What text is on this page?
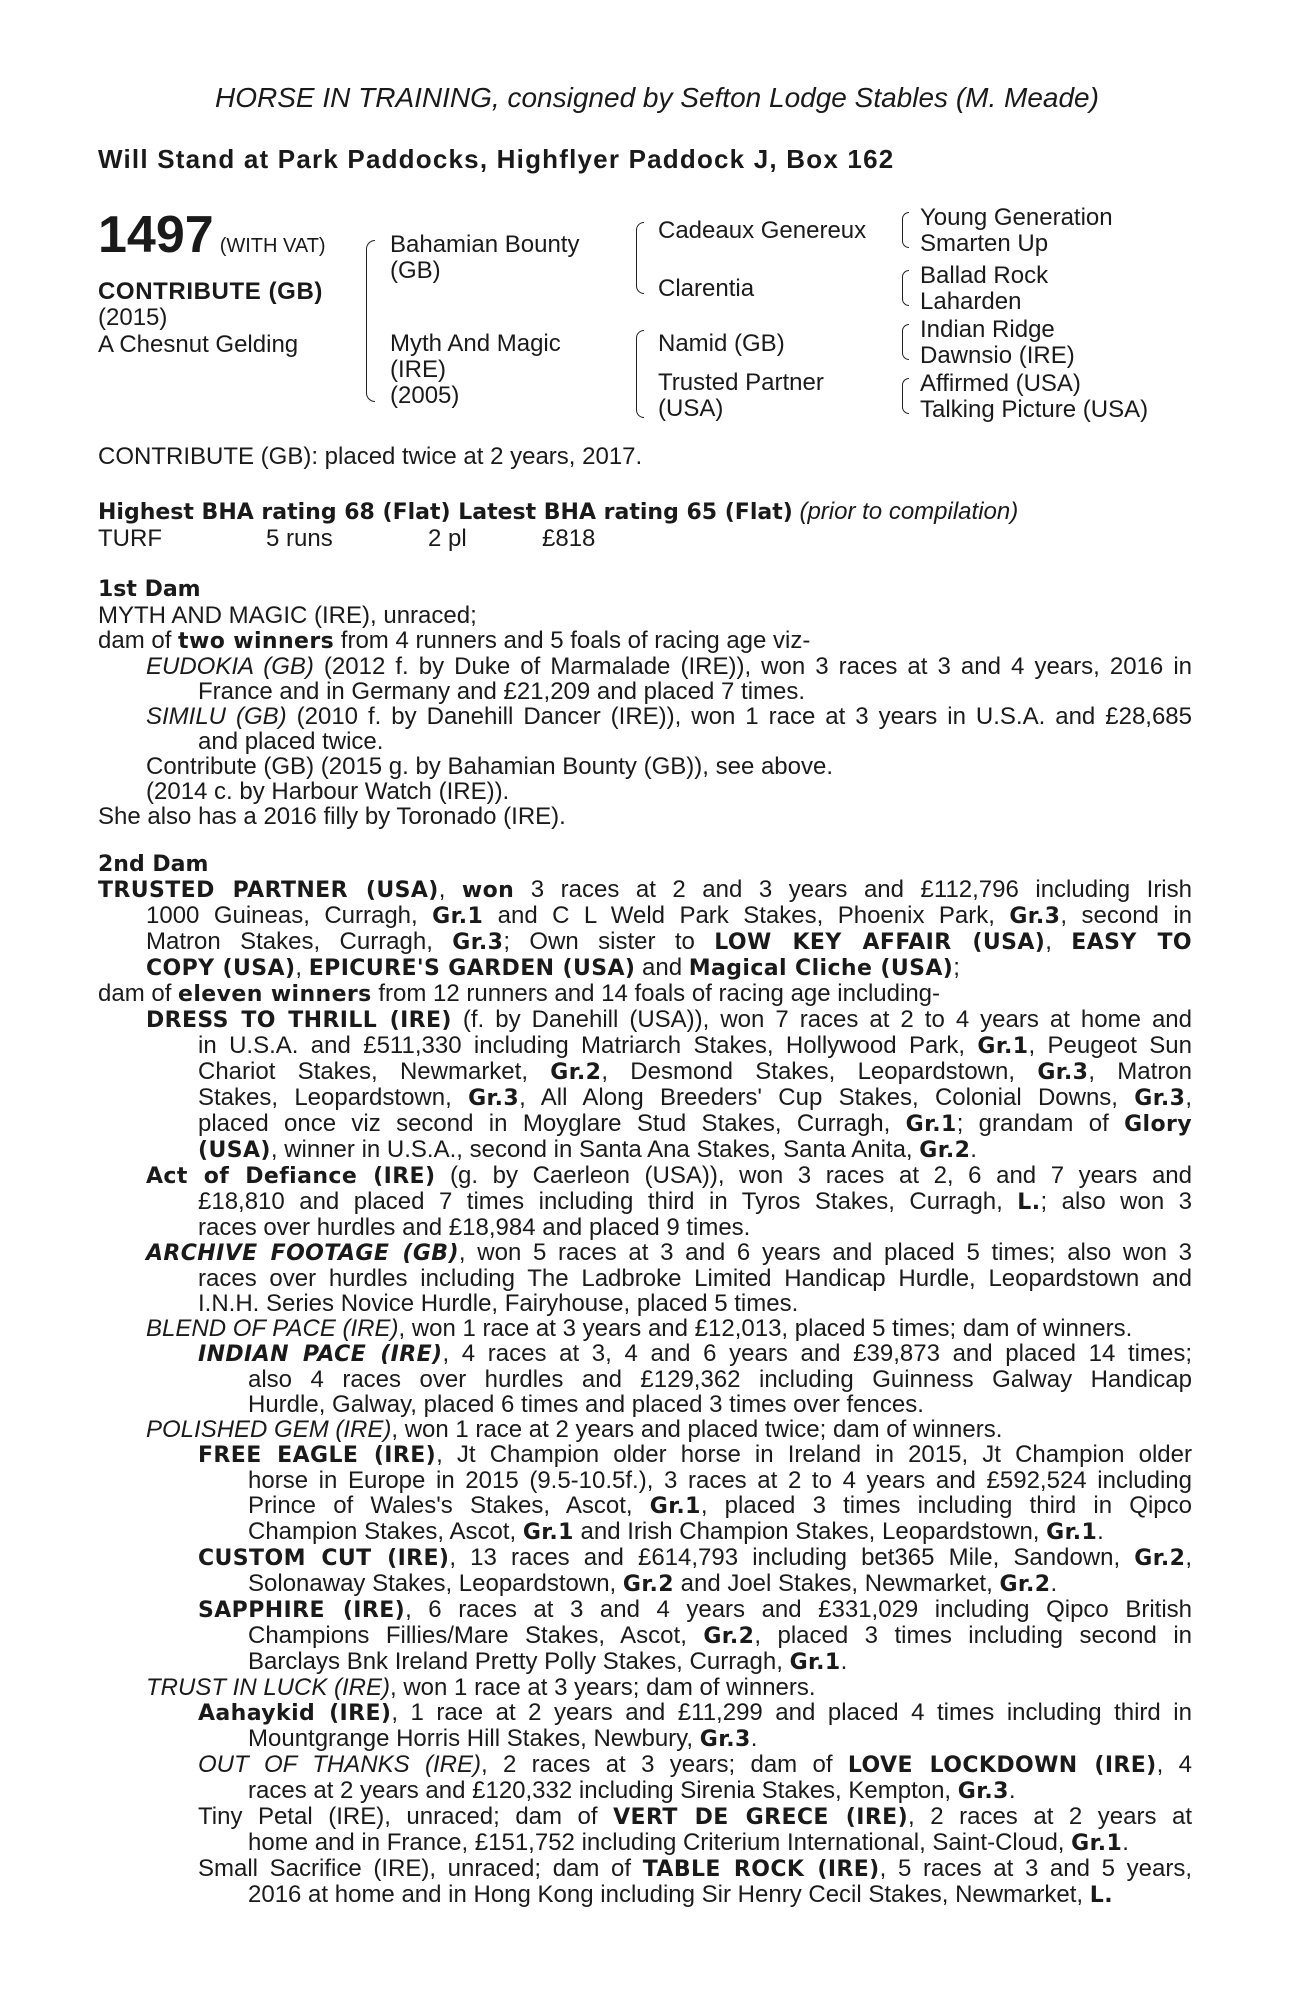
HORSE IN TRAINING, consigned by Sefton Lodge Stables (M. Meade)
Will Stand at Park Paddocks, Highflyer Paddock J, Box 162
1497 (WITH VAT)
CONTRIBUTE (GB)
(2015)
A Chesnut Gelding
Bahamian Bounty
(GB)
Myth And Magic
(IRE)
(2005)
Cadeaux Genereux
Clarentia
Namid (GB)
Trusted Partner
(USA)
Young Generation
Smarten Up
Ballad Rock
Laharden
Indian Ridge
Dawnsio (IRE)
Affirmed (USA)
Talking Picture (USA)
CONTRIBUTE (GB): placed twice at 2 years, 2017.
Highest BHA rating 68 (Flat) Latest BHA rating 65 (Flat) (prior to compilation)
TURF	5 runs	2 pl	£818
1st Dam
MYTH AND MAGIC (IRE), unraced;
dam of two winners from 4 runners and 5 foals of racing age viz-
EUDOKIA (GB) (2012 f. by Duke of Marmalade (IRE)), won 3 races at 3 and 4 years, 2016 in
France and in Germany and £21,209 and placed 7 times.
SIMILU (GB) (2010 f. by Danehill Dancer (IRE)), won 1 race at 3 years in U.S.A. and £28,685
and placed twice.
Contribute (GB) (2015 g. by Bahamian Bounty (GB)), see above.
(2014 c. by Harbour Watch (IRE)).
She also has a 2016 filly by Toronado (IRE).
2nd Dam
TRUSTED PARTNER (USA), won 3 races at 2 and 3 years and £112,796 including Irish
1000 Guineas, Curragh, Gr.1 and C L Weld Park Stakes, Phoenix Park, Gr.3, second in
Matron Stakes, Curragh, Gr.3; Own sister to LOW KEY AFFAIR (USA), EASY TO
COPY (USA), EPICURE'S GARDEN (USA) and Magical Cliche (USA);
dam of eleven winners from 12 runners and 14 foals of racing age including-
DRESS TO THRILL (IRE) (f. by Danehill (USA)), won 7 races at 2 to 4 years at home and
in U.S.A. and £511,330 including Matriarch Stakes, Hollywood Park, Gr.1, Peugeot Sun
Chariot Stakes, Newmarket, Gr.2, Desmond Stakes, Leopardstown, Gr.3, Matron
Stakes, Leopardstown, Gr.3, All Along Breeders' Cup Stakes, Colonial Downs, Gr.3,
placed once viz second in Moyglare Stud Stakes, Curragh, Gr.1; grandam of Glory
(USA), winner in U.S.A., second in Santa Ana Stakes, Santa Anita, Gr.2.
Act of Defiance (IRE) (g. by Caerleon (USA)), won 3 races at 2, 6 and 7 years and
£18,810 and placed 7 times including third in Tyros Stakes, Curragh, L.; also won 3
races over hurdles and £18,984 and placed 9 times.
ARCHIVE FOOTAGE (GB), won 5 races at 3 and 6 years and placed 5 times; also won 3
races over hurdles including The Ladbroke Limited Handicap Hurdle, Leopardstown and
I.N.H. Series Novice Hurdle, Fairyhouse, placed 5 times.
BLEND OF PACE (IRE), won 1 race at 3 years and £12,013, placed 5 times; dam of winners.
INDIAN PACE (IRE), 4 races at 3, 4 and 6 years and £39,873 and placed 14 times;
also 4 races over hurdles and £129,362 including Guinness Galway Handicap
Hurdle, Galway, placed 6 times and placed 3 times over fences.
POLISHED GEM (IRE), won 1 race at 2 years and placed twice; dam of winners.
FREE EAGLE (IRE), Jt Champion older horse in Ireland in 2015, Jt Champion older
horse in Europe in 2015 (9.5-10.5f.), 3 races at 2 to 4 years and £592,524 including
Prince of Wales's Stakes, Ascot, Gr.1, placed 3 times including third in Qipco
Champion Stakes, Ascot, Gr.1 and Irish Champion Stakes, Leopardstown, Gr.1.
CUSTOM CUT (IRE), 13 races and £614,793 including bet365 Mile, Sandown, Gr.2,
Solonaway Stakes, Leopardstown, Gr.2 and Joel Stakes, Newmarket, Gr.2.
SAPPHIRE (IRE), 6 races at 3 and 4 years and £331,029 including Qipco British
Champions Fillies/Mare Stakes, Ascot, Gr.2, placed 3 times including second in
Barclays Bnk Ireland Pretty Polly Stakes, Curragh, Gr.1.
TRUST IN LUCK (IRE), won 1 race at 3 years; dam of winners.
Aahaykid (IRE), 1 race at 2 years and £11,299 and placed 4 times including third in
Mountgrange Horris Hill Stakes, Newbury, Gr.3.
OUT OF THANKS (IRE), 2 races at 3 years; dam of LOVE LOCKDOWN (IRE), 4
races at 2 years and £120,332 including Sirenia Stakes, Kempton, Gr.3.
Tiny Petal (IRE), unraced; dam of VERT DE GRECE (IRE), 2 races at 2 years at
home and in France, £151,752 including Criterium International, Saint-Cloud, Gr.1.
Small Sacrifice (IRE), unraced; dam of TABLE ROCK (IRE), 5 races at 3 and 5 years,
2016 at home and in Hong Kong including Sir Henry Cecil Stakes, Newmarket, L.
